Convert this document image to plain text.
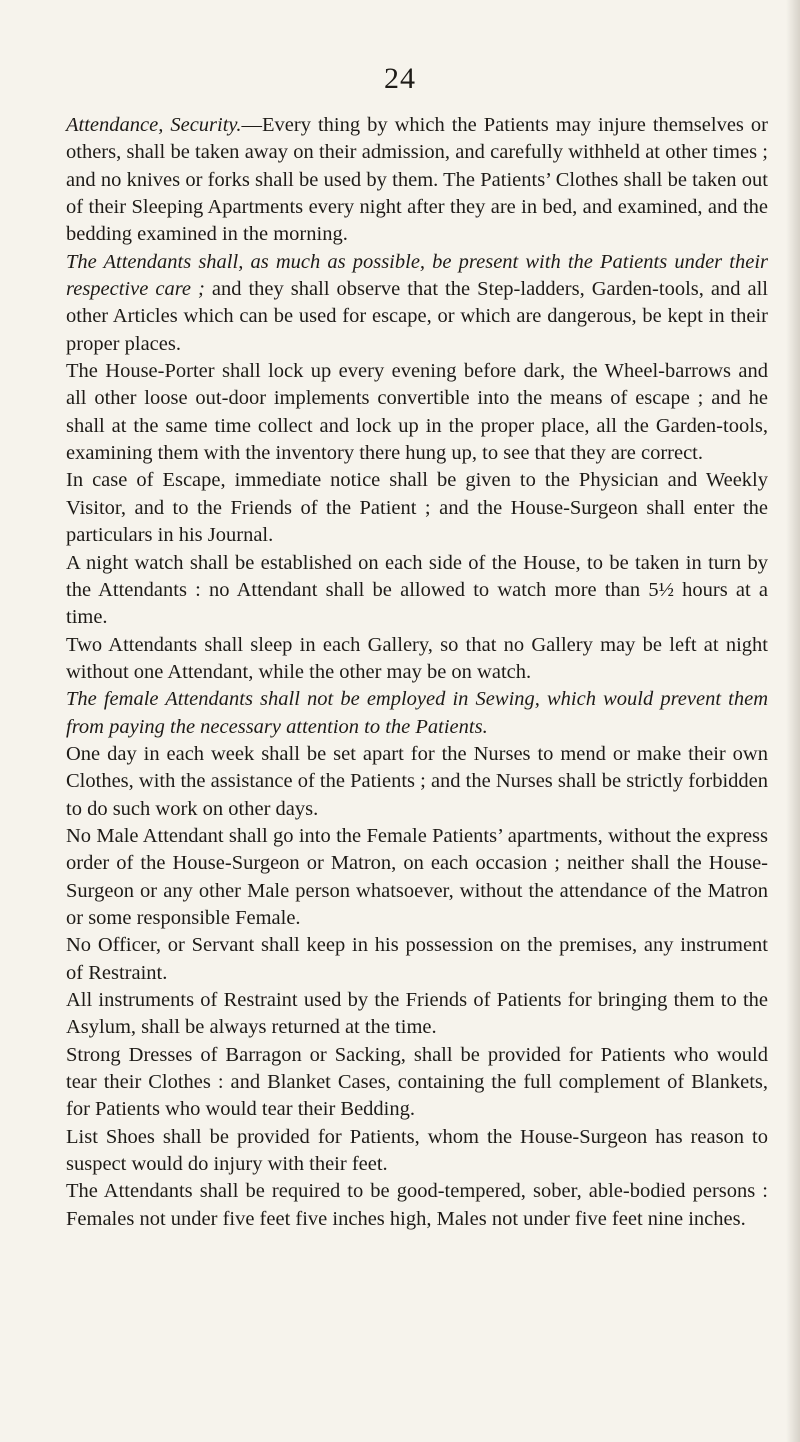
24

Attendance, Security.—Every thing by which the Patients may injure themselves or others, shall be taken away on their admission, and carefully withheld at other times ; and no knives or forks shall be used by them. The Patients’ Clothes shall be taken out of their Sleeping Apartments every night after they are in bed, and examined, and the bedding examined in the morning.

The Attendants shall, as much as possible, be present with the Patients under their respective care ; and they shall observe that the Step-ladders, Garden-tools, and all other Articles which can be used for escape, or which are dangerous, be kept in their proper places.

The House-Porter shall lock up every evening before dark, the Wheel-barrows and all other loose out-door implements convertible into the means of escape ; and he shall at the same time collect and lock up in the proper place, all the Garden-tools, examining them with the inventory there hung up, to see that they are correct.

In case of Escape, immediate notice shall be given to the Physician and Weekly Visitor, and to the Friends of the Patient ; and the House-Surgeon shall enter the particulars in his Journal.

A night watch shall be established on each side of the House, to be taken in turn by the Attendants : no Attendant shall be allowed to watch more than 5½ hours at a time.

Two Attendants shall sleep in each Gallery, so that no Gallery may be left at night without one Attendant, while the other may be on watch.

The female Attendants shall not be employed in Sewing, which would prevent them from paying the necessary attention to the Patients.

One day in each week shall be set apart for the Nurses to mend or make their own Clothes, with the assistance of the Patients ; and the Nurses shall be strictly forbidden to do such work on other days.

No Male Attendant shall go into the Female Patients’ apartments, without the express order of the House-Surgeon or Matron, on each occasion ; neither shall the House-Surgeon or any other Male person whatsoever, without the attendance of the Matron or some responsible Female.

No Officer, or Servant shall keep in his possession on the premises, any instrument of Restraint.

All instruments of Restraint used by the Friends of Patients for bringing them to the Asylum, shall be always returned at the time.

Strong Dresses of Barragon or Sacking, shall be provided for Patients who would tear their Clothes : and Blanket Cases, containing the full complement of Blankets, for Patients who would tear their Bedding.

List Shoes shall be provided for Patients, whom the House-Surgeon has reason to suspect would do injury with their feet.

The Attendants shall be required to be good-tempered, sober, able-bodied persons : Females not under five feet five inches high, Males not under five feet nine inches.
